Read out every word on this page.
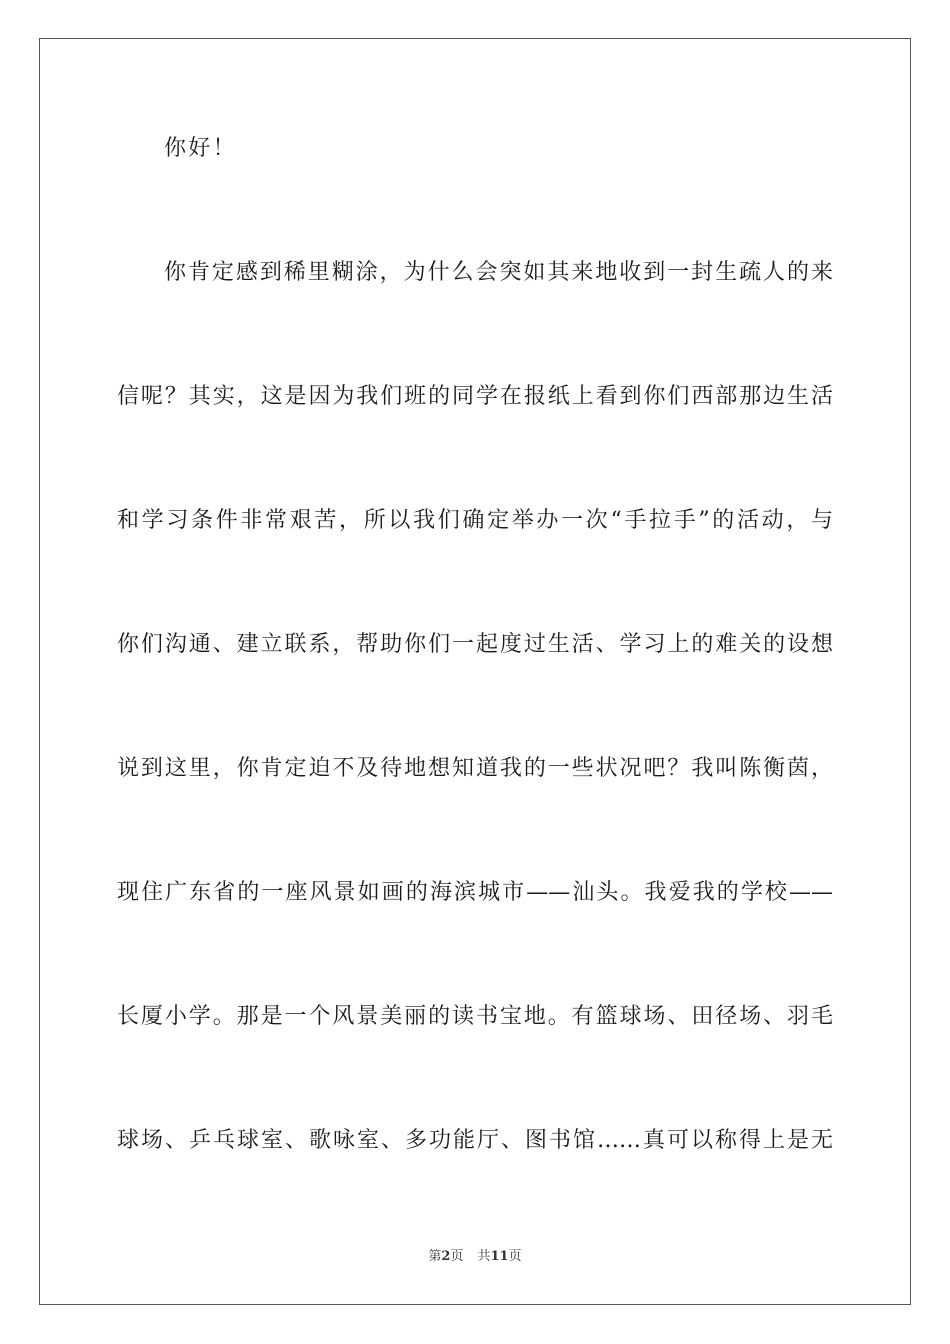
你好！
你肯定感到稀里糊涂，为什么会突如其来地收到一封生疏人的来
信呢？其实，这是因为我们班的同学在报纸上看到你们西部那边生活
和学习条件非常艰苦，所以我们确定举办一次“手拉手”的活动，与
你们沟通、建立联系，帮助你们一起度过生活、学习上的难关的设想
说到这里，你肯定迫不及待地想知道我的一些状况吧？我叫陈衡茵，
现住广东省的一座风景如画的海滨城市——汕头。我爱我的学校——
长厦小学。那是一个风景美丽的读书宝地。有篮球场、田径场、羽毛
球场、乒乓球室、歌咏室、多功能厅、图书馆……真可以称得上是无
第2页 共11页
